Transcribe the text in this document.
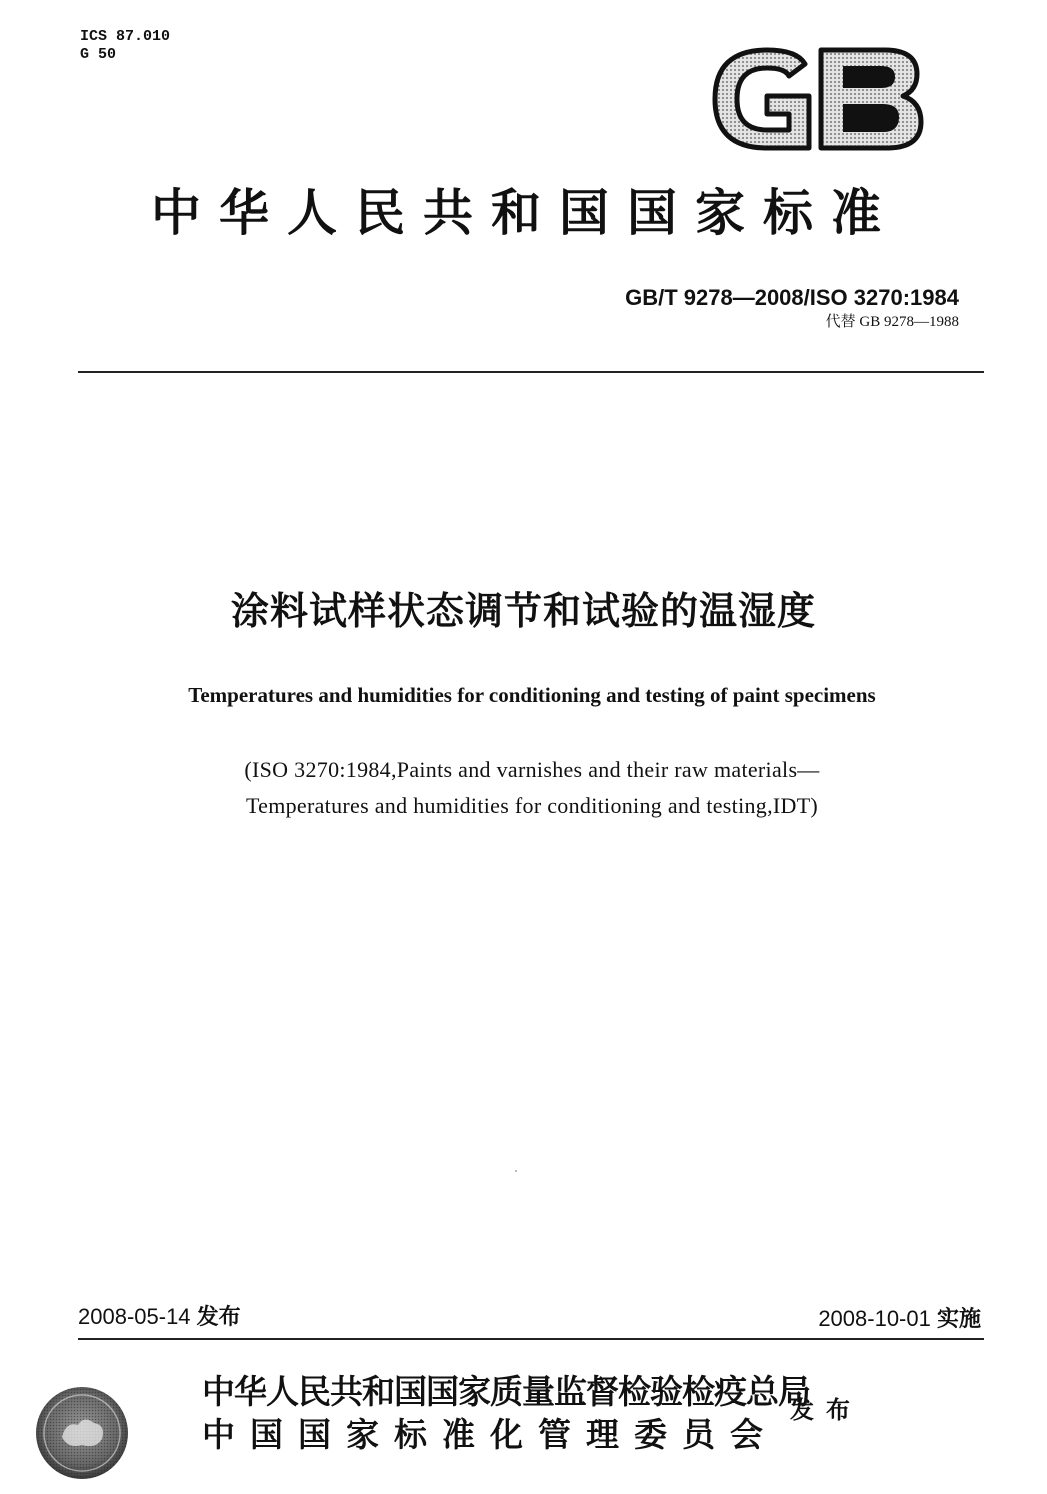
ICS 87.010
G 50
中华人民共和国国家标准
GB/T 9278—2008/ISO 3270:1984
代替 GB 9278—1988
涂料试样状态调节和试验的温湿度
Temperatures and humidities for conditioning and testing of paint specimens
(ISO 3270:1984,Paints and varnishes and their raw materials—
Temperatures and humidities for conditioning and testing,IDT)
2008-05-14 发布	2008-10-01 实施
中华人民共和国国家质量监督检验检疫总局
中国国家标准化管理委员会
发布
